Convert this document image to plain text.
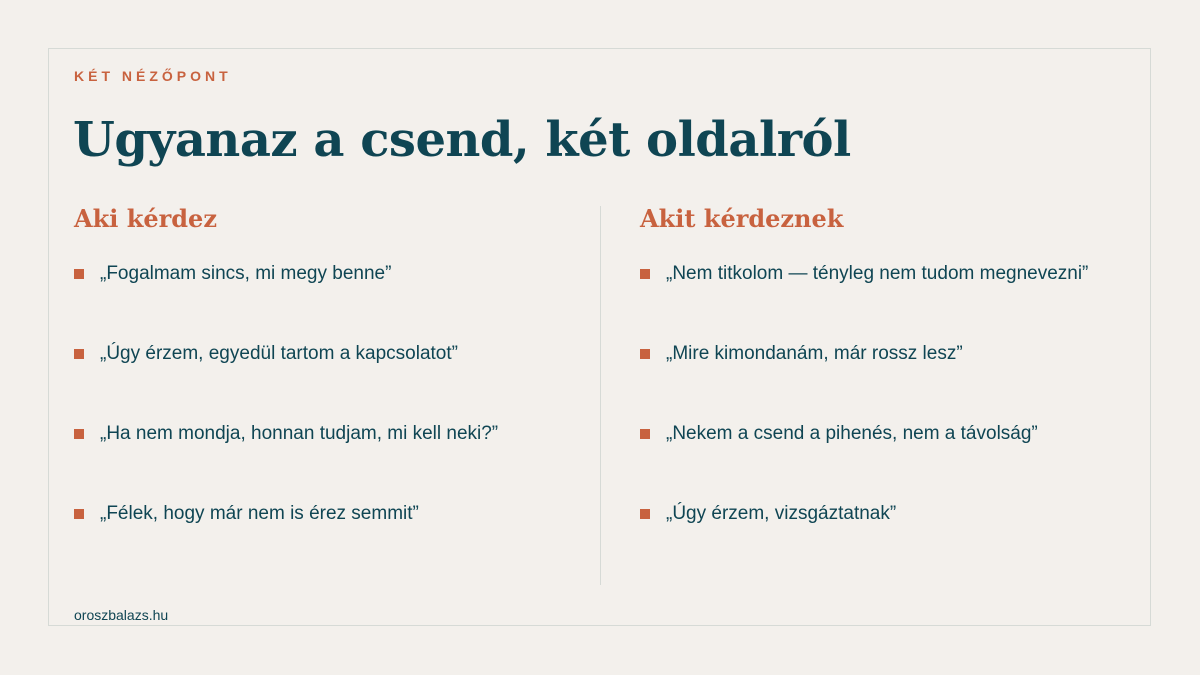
KÉT NÉZŐPONT
Ugyanaz a csend, két oldalról
Aki kérdez	Akit kérdeznek
„Fogalmam sincs, mi megy benne”
„Úgy érzem, egyedül tartom a kapcsolatot”
„Ha nem mondja, honnan tudjam, mi kell neki?”
„Félek, hogy már nem is érez semmit”
„Nem titkolom — tényleg nem tudom megnevezni”
„Mire kimondanám, már rossz lesz”
„Nekem a csend a pihenés, nem a távolság”
„Úgy érzem, vizsgáztatnak”
oroszbalazs.hu
